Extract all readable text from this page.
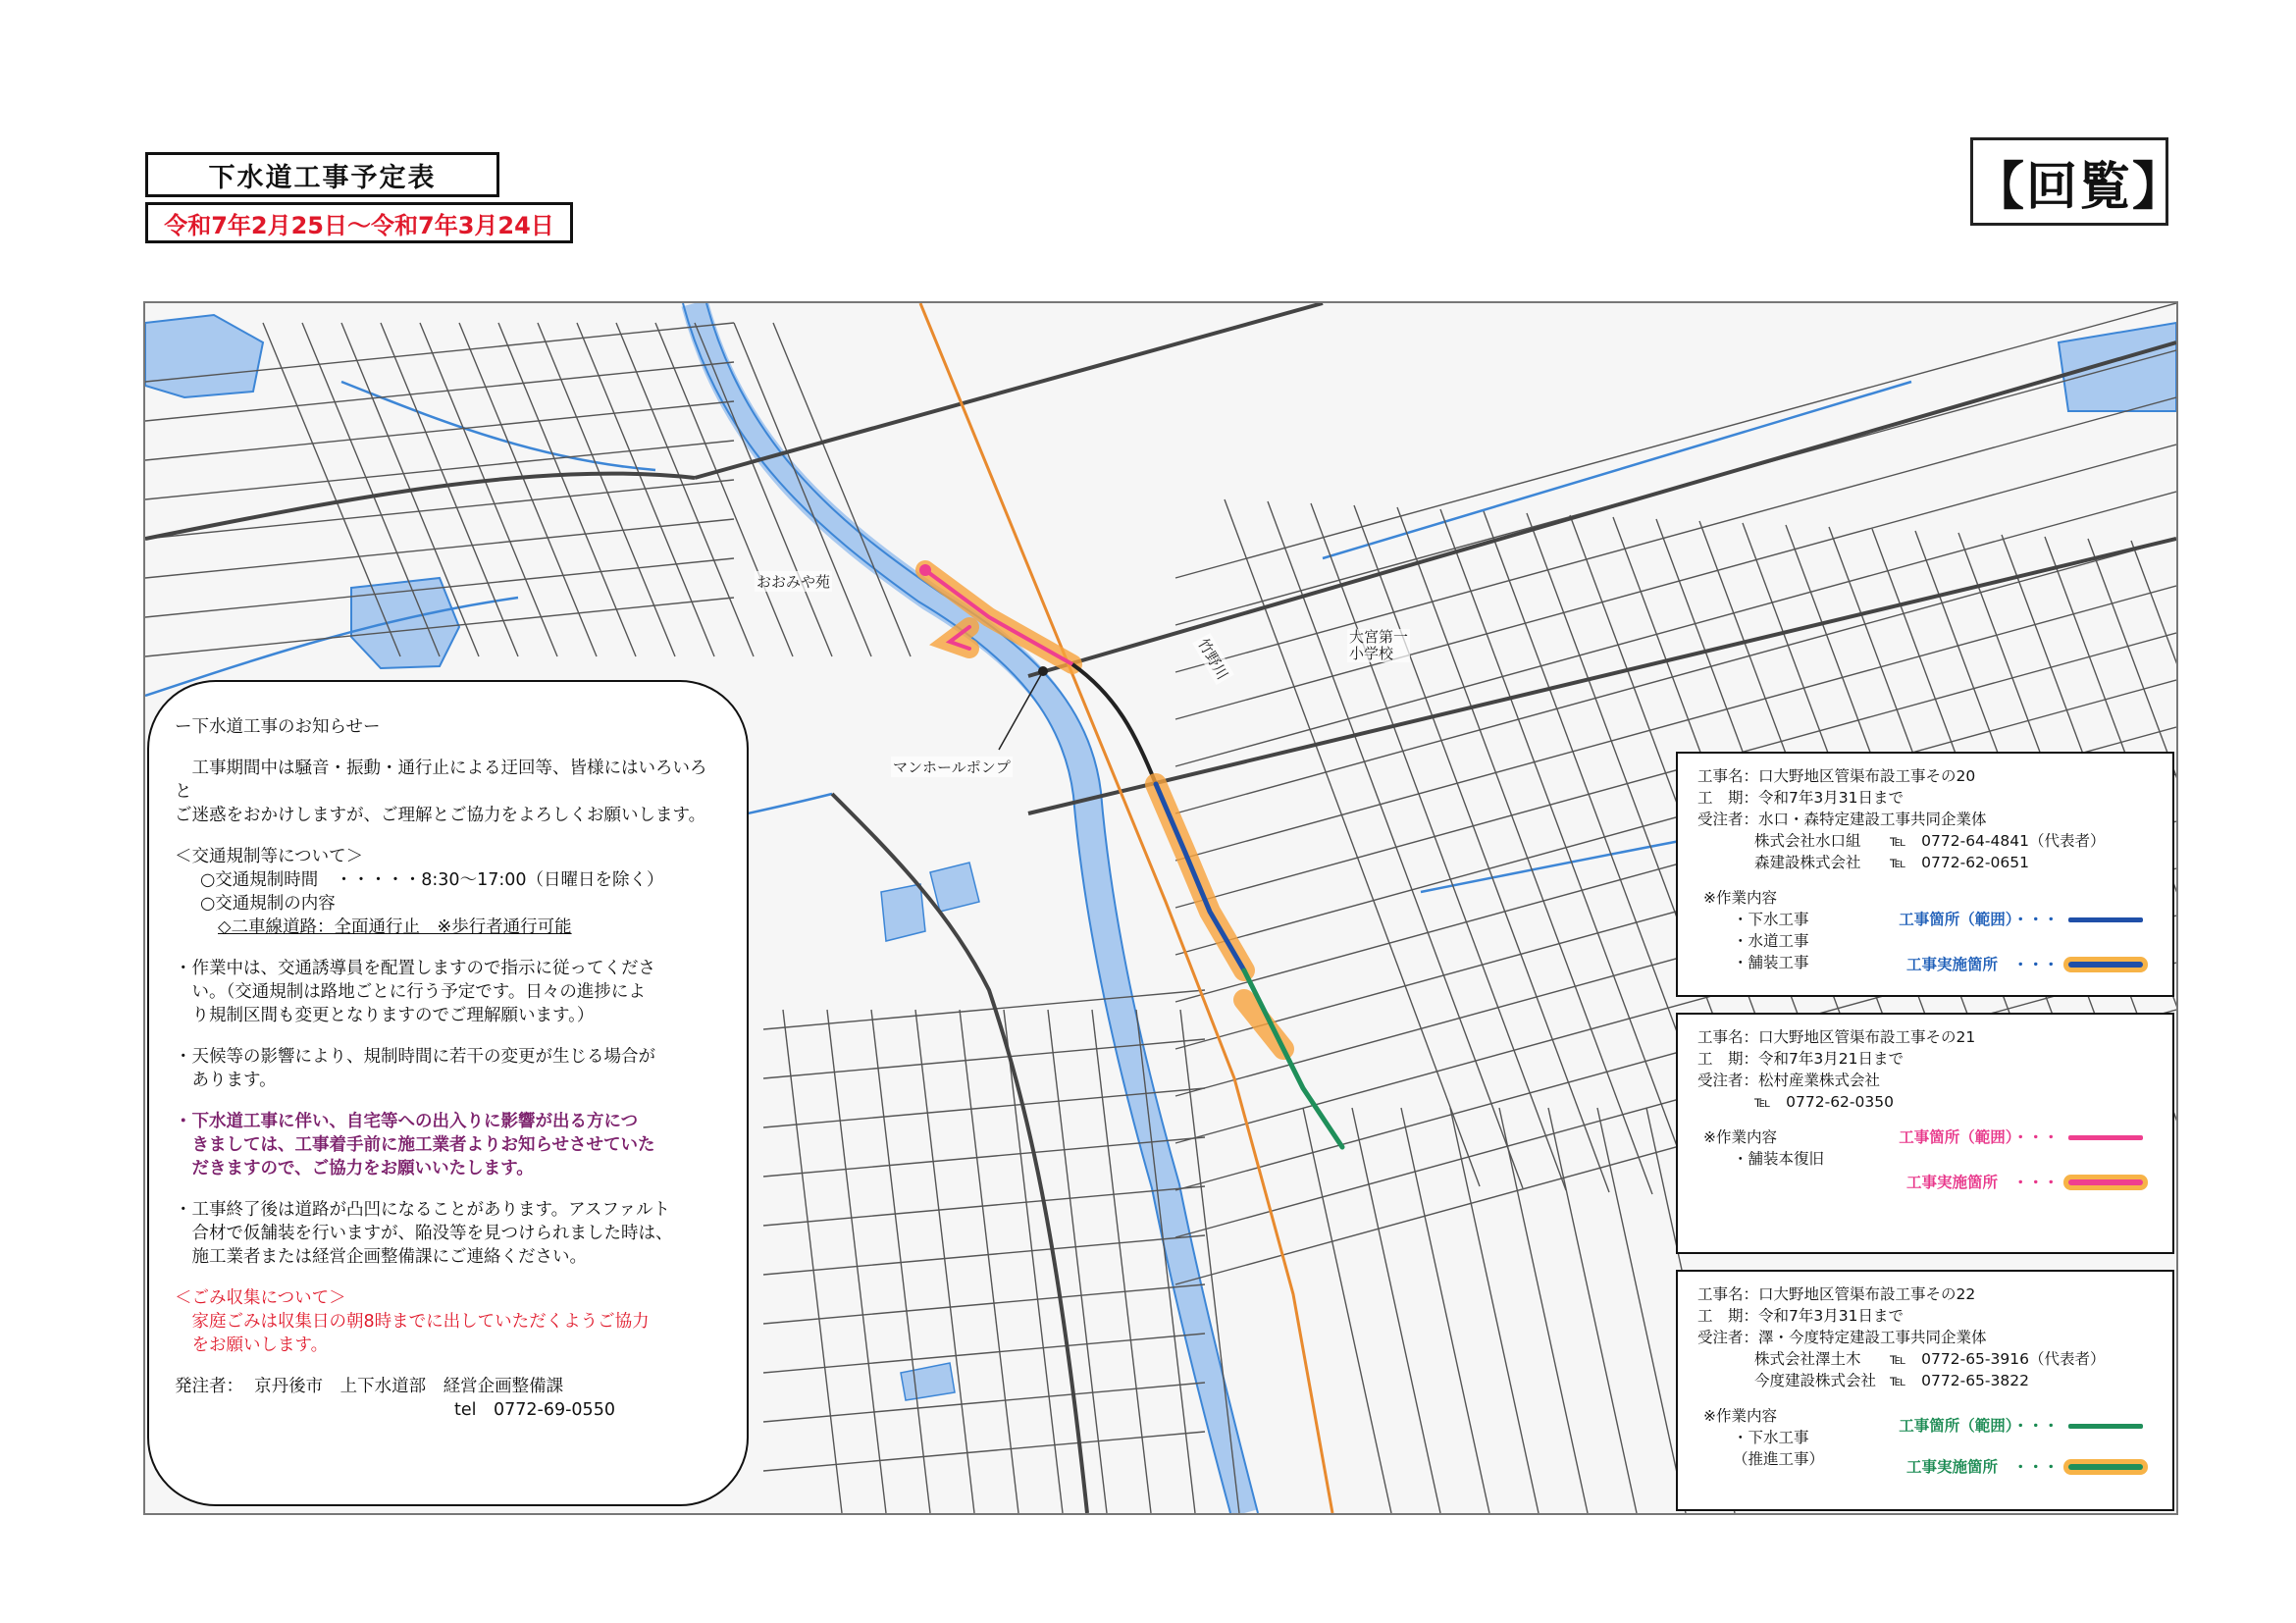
下水道工事予定表
令和7年2月25日～令和7年3月24日
【回覧】
おおみや苑
大宮第一
小学校
竹野川
マンホールポンプ

ー下水道工事のお知らせー

　工事期間中は騒音・振動・通行止による迂回等、皆様にはいろいろと
ご迷惑をおかけしますが、ご理解とご協力をよろしくお願いします。

＜交通規制等について＞

○交通規制時間　・・・・・8:30～17:00（日曜日を除く）

○交通規制の内容

◇二車線道路：全面通行止　※歩行者通行可能

・作業中は、交通誘導員を配置しますので指示に従ってくださ
　い。（交通規制は路地ごとに行う予定です。日々の進捗によ
　り規制区間も変更となりますのでご理解願います。）

・天候等の影響により、規制時間に若干の変更が生じる場合が
　あります。

・下水道工事に伴い、自宅等への出入りに影響が出る方につ
　きましては、工事着手前に施工業者よりお知らせさせていた
　だきますので、ご協力をお願いいたします。

・工事終了後は道路が凸凹になることがあります。アスファルト
　合材で仮舗装を行いますが、陥没等を見つけられました時は、
　施工業者または経営企画整備課にご連絡ください。

＜ごみ収集について＞

　家庭ごみは収集日の朝8時までに出していただくようご協力
　をお願いします。

発注者：  京丹後市　上下水道部　経営企画整備課

tel　0772-69-0550

工事名：口大野地区管渠布設工事その20
工　期：令和7年3月31日まで
受注者：水口・森特定建設工事共同企業体
株式会社水口組	℡　0772-64-4841（代表者）
森建設株式会社	℡　0772-62-0651
※作業内容
・下水工事
・水道工事
・舗装工事
工事箇所（範囲）・・・
工事実施箇所　・・・
工事名：口大野地区管渠布設工事その21
工　期：令和7年3月21日まで
受注者：松村産業株式会社
℡　0772-62-0350
※作業内容
・舗装本復旧
工事箇所（範囲）・・・
工事実施箇所　・・・
工事名：口大野地区管渠布設工事その22
工　期：令和7年3月31日まで
受注者：澤・今度特定建設工事共同企業体
株式会社澤土木	℡　0772-65-3916（代表者）
今度建設株式会社 ℡　0772-65-3822
※作業内容
・下水工事
（推進工事）
工事箇所（範囲）・・・
工事実施箇所　・・・
